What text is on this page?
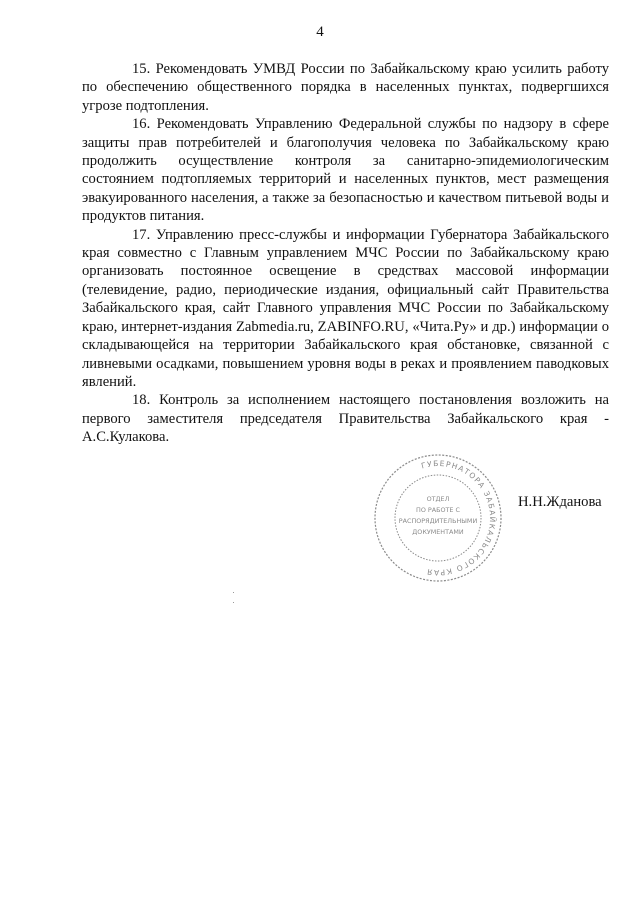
4

15. Рекомендовать УМВД России по Забайкальскому краю усилить работу по обеспечению общественного порядка в населенных пунктах, подвергшихся угрозе подтопления.

16. Рекомендовать Управлению Федеральной службы по надзору в сфере защиты прав потребителей и благополучия человека по Забайкальскому краю продолжить осуществление контроля за санитарно-эпидемиологическим состоянием подтопляемых территорий и населенных пунктов, мест размещения эвакуированного населения, а также за безопасностью и качеством питьевой воды и продуктов питания.

17. Управлению пресс-службы и информации Губернатора Забайкальского края совместно с Главным управлением МЧС России по Забайкальскому краю организовать постоянное освещение в средствах массовой информации (телевидение, радио, периодические издания, официальный сайт Правительства Забайкальского края, сайт Главного управления МЧС России по Забайкальскому краю, интернет-издания Zabmedia.ru, ZABINFO.RU, «Чита.Ру» и др.) информации о складывающейся на территории Забайкальского края обстановке, связанной с ливневыми осадками, повышением уровня воды в реках и проявлением паводковых явлений.

18. Контроль за исполнением настоящего постановления возложить на первого заместителя председателя Правительства Забайкальского края - А.С.Кулакова.

ГУБЕРНАТОРА ЗАБАЙКАЛЬСКОГО КРАЯ
ОТДЕЛ
ПО РАБОТЕ С
РАСПОРЯДИТЕЛЬНЫМИ
ДОКУМЕНТАМИ
Н.Н.Жданова
